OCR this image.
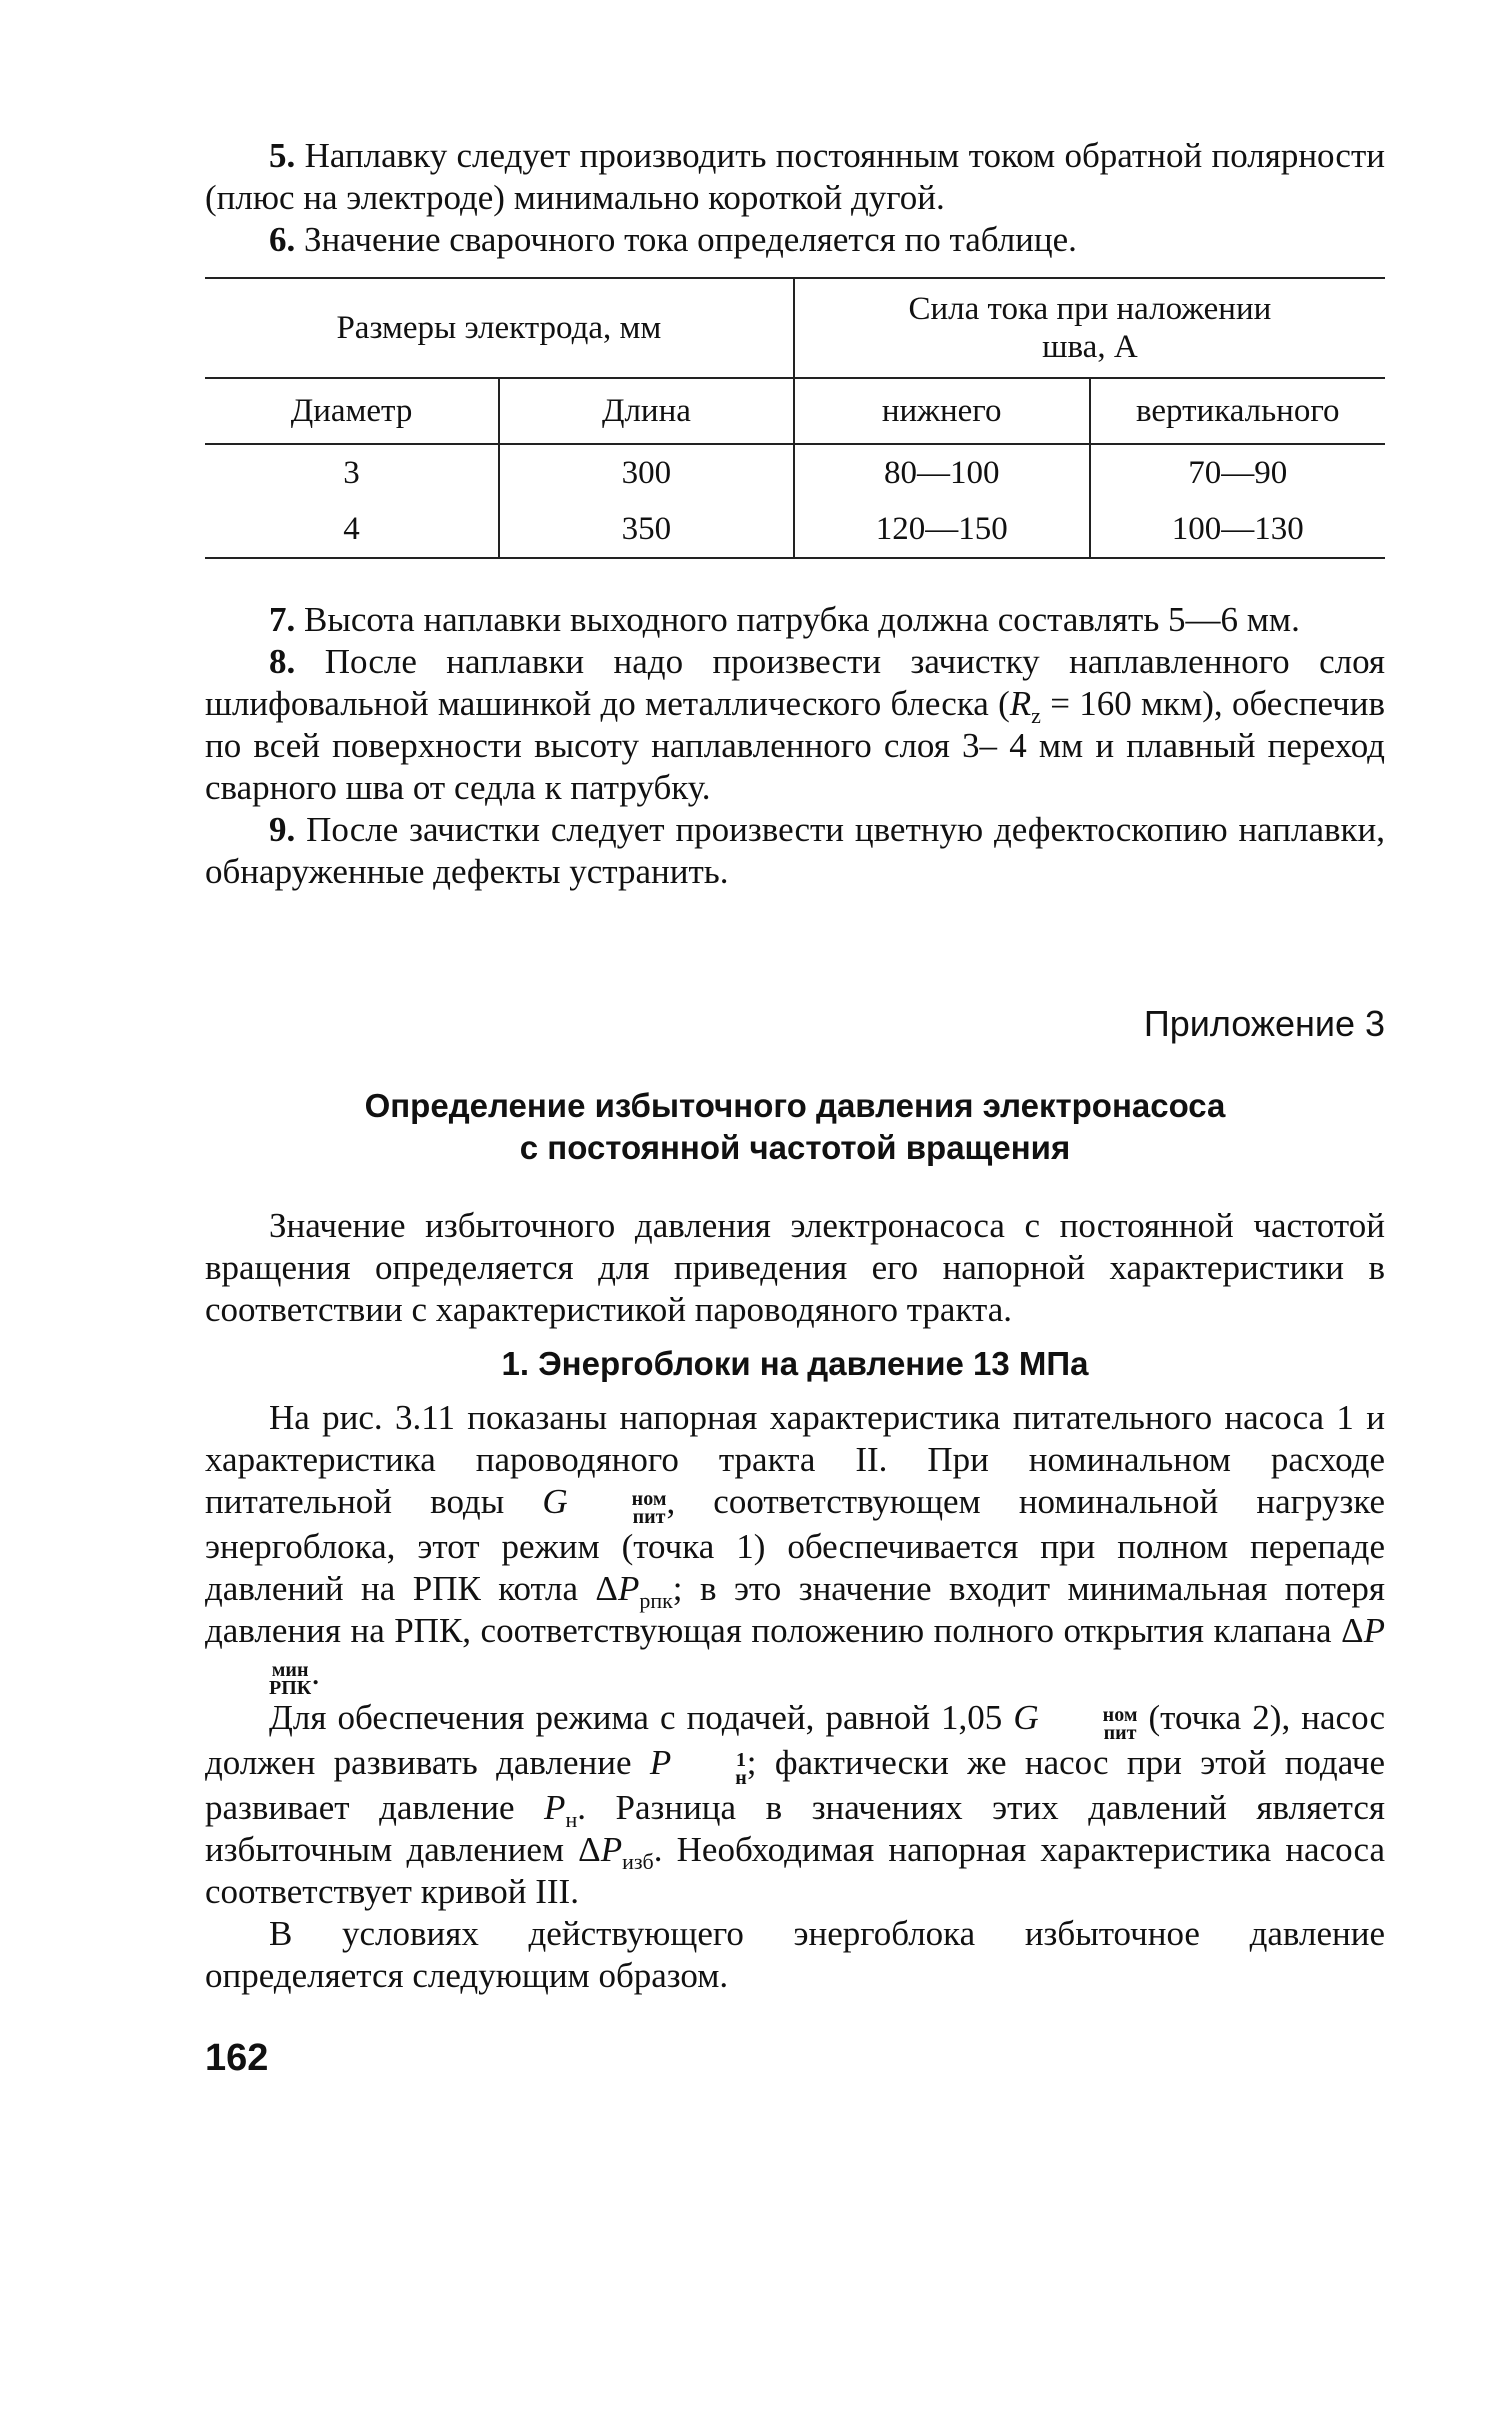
5. Наплавку следует производить постоянным током обратной полярности (плюс на электроде) минимально короткой дугой.

6. Значение сварочного тока определяется по таблице.

Размеры электрода, мм		Сила тока при наложении шва, А	
Диаметр	Длина	нижнего	вертикального
3	300	80—100	70—90
4	350	120—150	100—130

7. Высота наплавки выходного патрубка должна составлять 5—6 мм.

8. После наплавки надо произвести зачистку наплавленного слоя шлифовальной машинкой до металлического блеска ($R_z = 160$ мкм), обеспечив по всей поверхности высоту наплавленного слоя 3– 4 мм и плавный переход сварного шва от седла к патрубку.

9. После зачистки следует произвести цветную дефектоскопию наплавки, обнаруженные дефекты устранить.

Приложение 3
Определение избыточного давления электронасоса
с постоянной частотой вращения

Значение избыточного давления электронасоса с постоянной частотой вращения определяется для приведения его напорной характеристики в соответствии с характеристикой пароводяного тракта.

1. Энергоблоки на давление 13 МПа

На рис. 3.11 показаны напорная характеристика питательного насоса 1 и характеристика пароводяного тракта II. При номинальном расходе питательной воды G	ном
пит , соответствующем номинальной нагрузке энергоблока, этот режим (точка 1) обеспечивается при полном перепаде давлений на РПК котла $\Delta P_{рпк}$; в это значение входит минимальная потеря давления на РПК, соответствующая положению полного открытия клапана ΔP
мин
РПК .

Для обеспечения режима с подачей, равной 1,05 G	ном
пит (точка 2), насос должен развивать давление P	1
н ; фактически же насос при этой подаче развивает давление $P_н$. Разница в значениях этих давлений является избыточным давлением $\Delta P_{изб}$. Необходимая напорная характеристика насоса соответствует кривой III.

В условиях действующего энергоблока избыточное давление определяется следующим образом.

162
